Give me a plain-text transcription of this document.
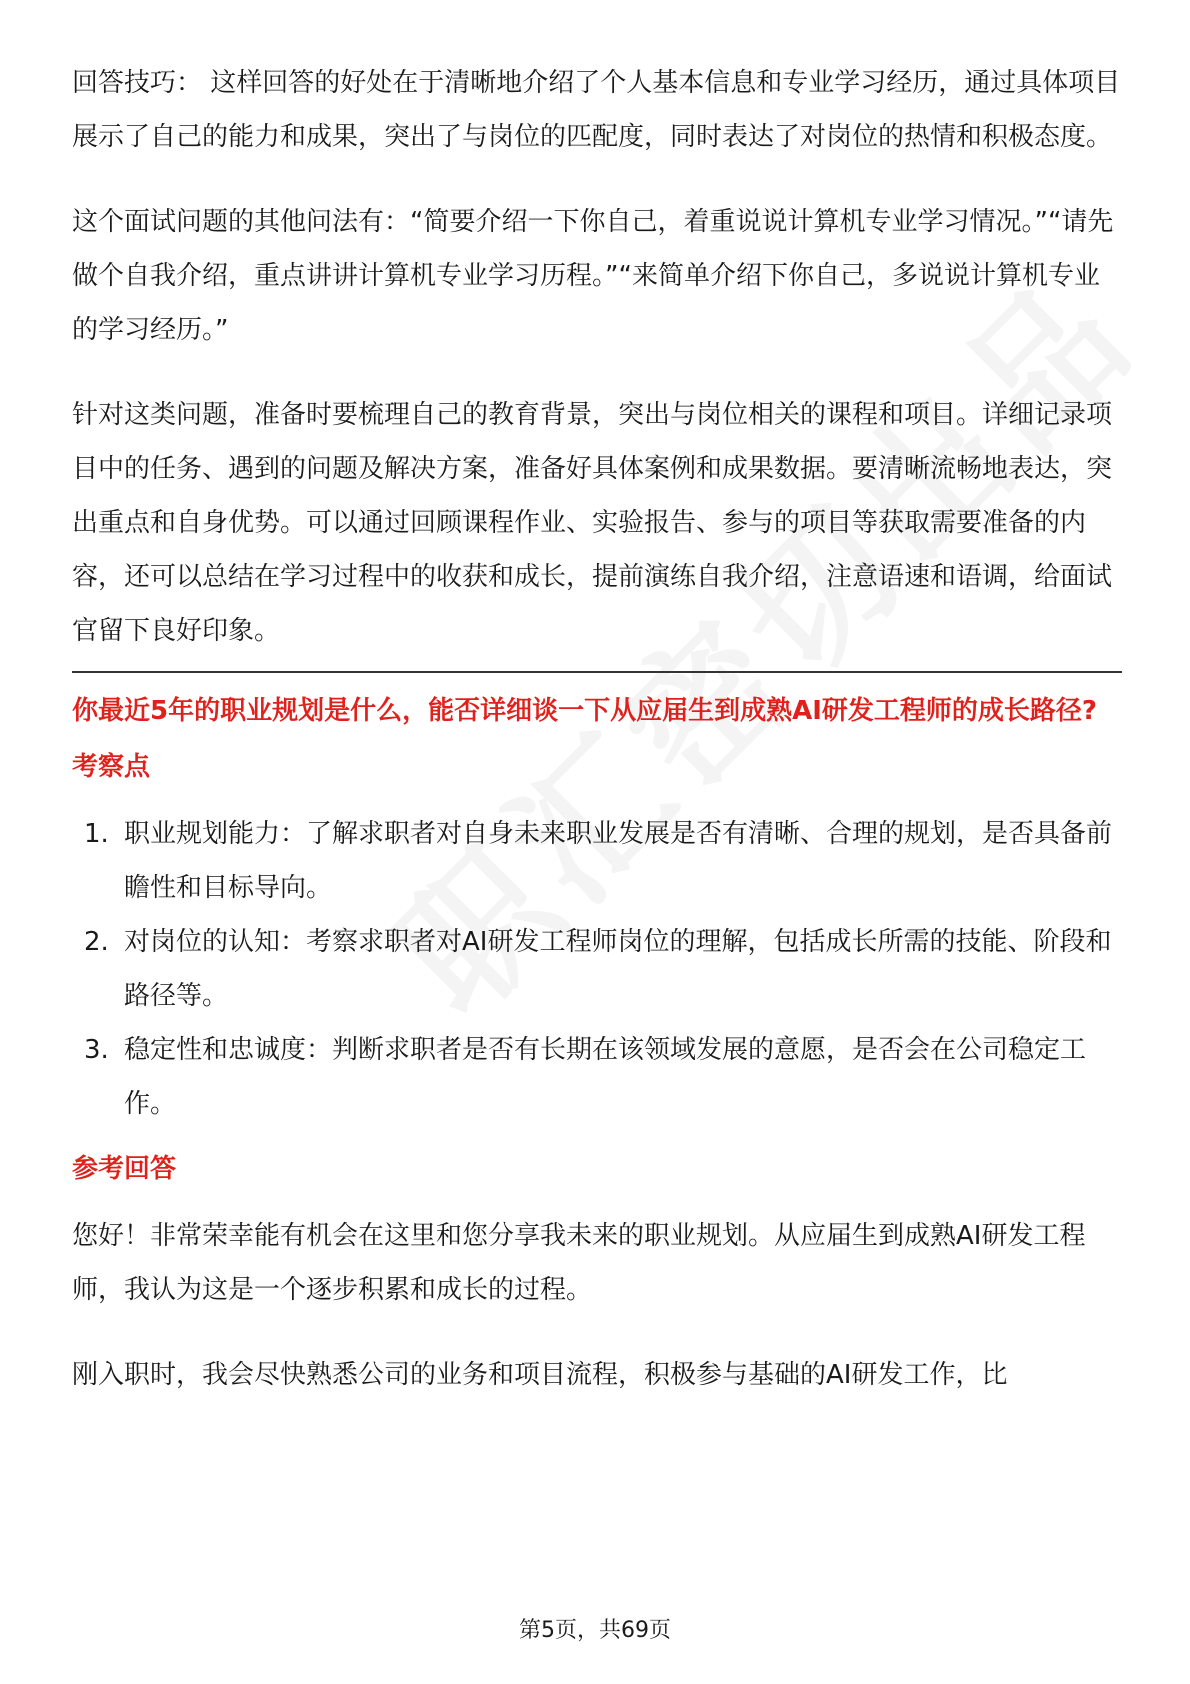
回答技巧： 这样回答的好处在于清晰地介绍了个人基本信息和专业学习经历，通过具体项目展示了自己的能力和成果，突出了与岗位的匹配度，同时表达了对岗位的热情和积极态度。

这个面试问题的其他问法有：“简要介绍一下你自己，着重说说计算机专业学习情况。”“请先做个自我介绍，重点讲讲计算机专业学习历程。”“来简单介绍下你自己，多说说计算机专业的学习经历。”

针对这类问题，准备时要梳理自己的教育背景，突出与岗位相关的课程和项目。详细记录项目中的任务、遇到的问题及解决方案，准备好具体案例和成果数据。要清晰流畅地表达，突出重点和自身优势。可以通过回顾课程作业、实验报告、参与的项目等获取需要准备的内容，还可以总结在学习过程中的收获和成长，提前演练自我介绍，注意语速和语调，给面试官留下良好印象。

你最近5年的职业规划是什么，能否详细谈一下从应届生到成熟AI研发工程师的成长路径?
考察点
1. 职业规划能力：了解求职者对自身未来职业发展是否有清晰、合理的规划，是否具备前瞻性和目标导向。
2. 对岗位的认知：考察求职者对AI研发工程师岗位的理解，包括成长所需的技能、阶段和路径等。
3. 稳定性和忠诚度：判断求职者是否有长期在该领域发展的意愿，是否会在公司稳定工作。
参考回答

您好！非常荣幸能有机会在这里和您分享我未来的职业规划。从应届生到成熟AI研发工程师，我认为这是一个逐步积累和成长的过程。

刚入职时，我会尽快熟悉公司的业务和项目流程，积极参与基础的AI研发工作，比

第5页，共69页
